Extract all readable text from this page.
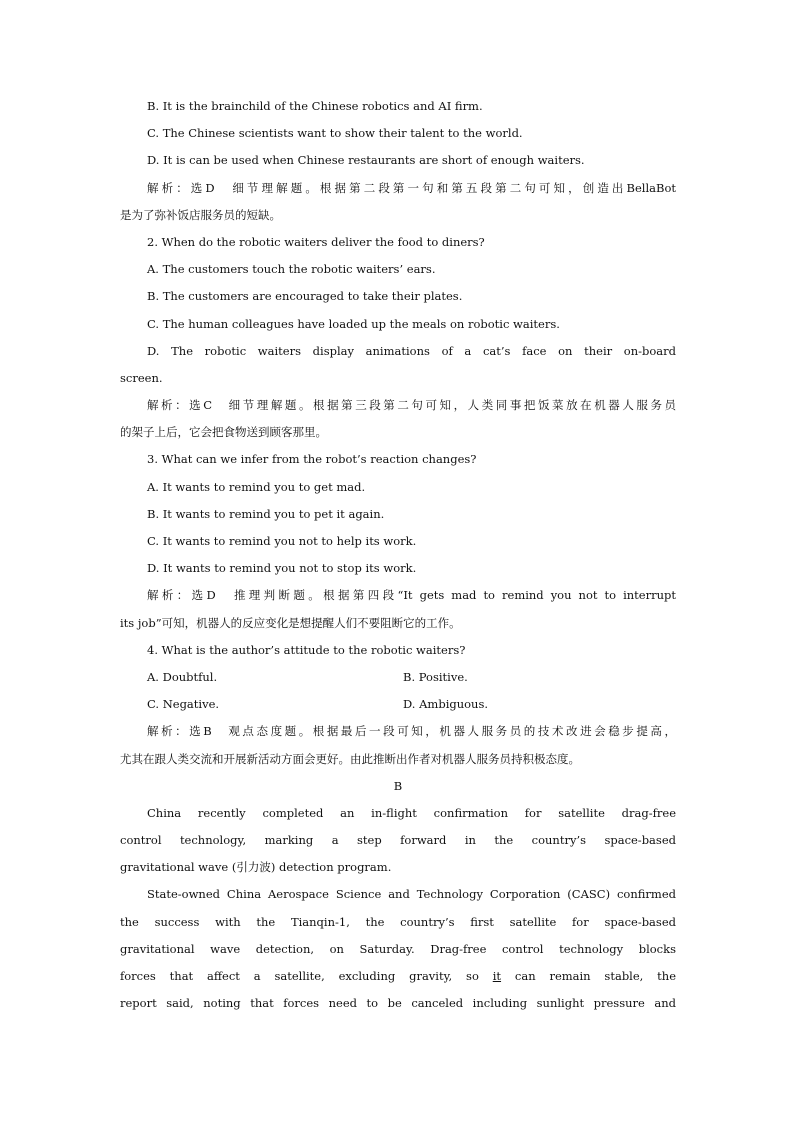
B. It is the brainchild of the Chinese robotics and AI firm.
C. The Chinese scientists want to show their talent to the world.
D. It is can be used when Chinese restaurants are short of enough waiters.
解析：选D　细节理解题。根据第二段第一句和第五段第二句可知，创造出BellaBot
是为了弥补饭店服务员的短缺。
2. When do the robotic waiters deliver the food to diners?
A. The customers touch the robotic waiters’ ears.
B. The customers are encouraged to take their plates.
C. The human colleagues have loaded up the meals on robotic waiters.
D. The robotic waiters display animations of a cat’s face on their on-board
screen.
解析：选C　细节理解题。根据第三段第二句可知，人类同事把饭菜放在机器人服务员
的架子上后，它会把食物送到顾客那里。
3. What can we infer from the robot’s reaction changes?
A. It wants to remind you to get mad.
B. It wants to remind you to pet it again.
C. It wants to remind you not to help its work.
D. It wants to remind you not to stop its work.
解析：选D　推理判断题。根据第四段“It gets mad to remind you not to interrupt
its job”可知，机器人的反应变化是想提醒人们不要阻断它的工作。
4. What is the author’s attitude to the robotic waiters?
A. Doubtful.	B. Positive.
C. Negative.	D. Ambiguous.
解析：选B　观点态度题。根据最后一段可知，机器人服务员的技术改进会稳步提高，
尤其在跟人类交流和开展新活动方面会更好。由此推断出作者对机器人服务员持积极态度。
B
China recently completed an in-flight confirmation for satellite drag-free
control technology, marking a step forward in the country’s space-based
gravitational wave (引力波) detection program.
State-owned China Aerospace Science and Technology Corporation (CASC) confirmed
the success with the Tianqin-1, the country’s first satellite for space-based
gravitational wave detection, on Saturday. Drag-free control technology blocks
forces that affect a satellite, excluding gravity, so it can remain stable, the
report said, noting that forces need to be canceled including sunlight pressure and
